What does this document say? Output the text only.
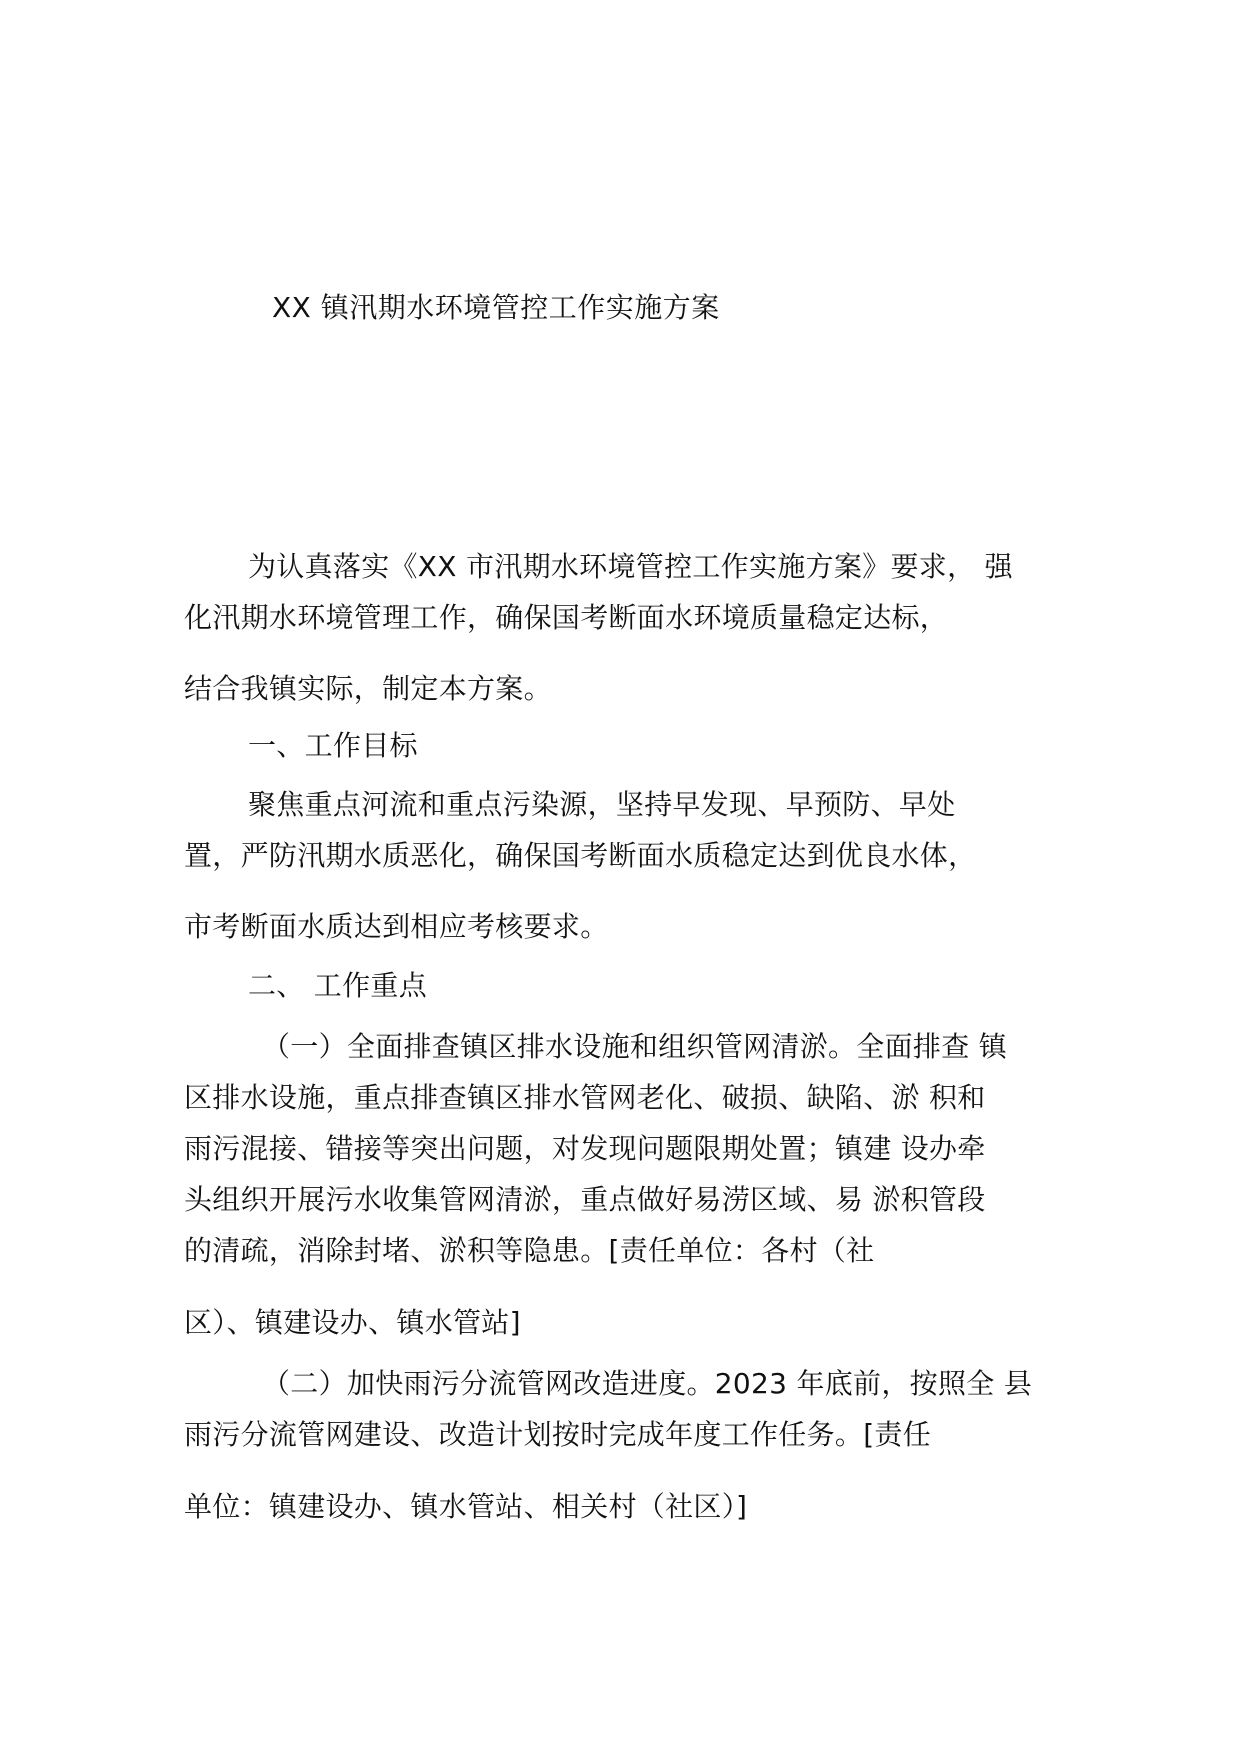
XX 镇汛期水环境管控工作实施方案

为认真落实《XX 市汛期水环境管控工作实施方案》要求， 强

化汛期水环境管理工作，确保国考断面水环境质量稳定达标，

结合我镇实际，制定本方案。

一、工作目标

聚焦重点河流和重点污染源，坚持早发现、早预防、早处

置，严防汛期水质恶化，确保国考断面水质稳定达到优良水体，

市考断面水质达到相应考核要求。

二、 工作重点

（一）全面排查镇区排水设施和组织管网清淤。全面排查 镇

区排水设施，重点排查镇区排水管网老化、破损、缺陷、淤 积和

雨污混接、错接等突出问题，对发现问题限期处置；镇建 设办牵

头组织开展污水收集管网清淤，重点做好易涝区域、易 淤积管段

的清疏，消除封堵、淤积等隐患。[责任单位：各村（社

区）、镇建设办、镇水管站]

（二）加快雨污分流管网改造进度。2023 年底前，按照全 县

雨污分流管网建设、改造计划按时完成年度工作任务。[责任

单位：镇建设办、镇水管站、相关村（社区）]
